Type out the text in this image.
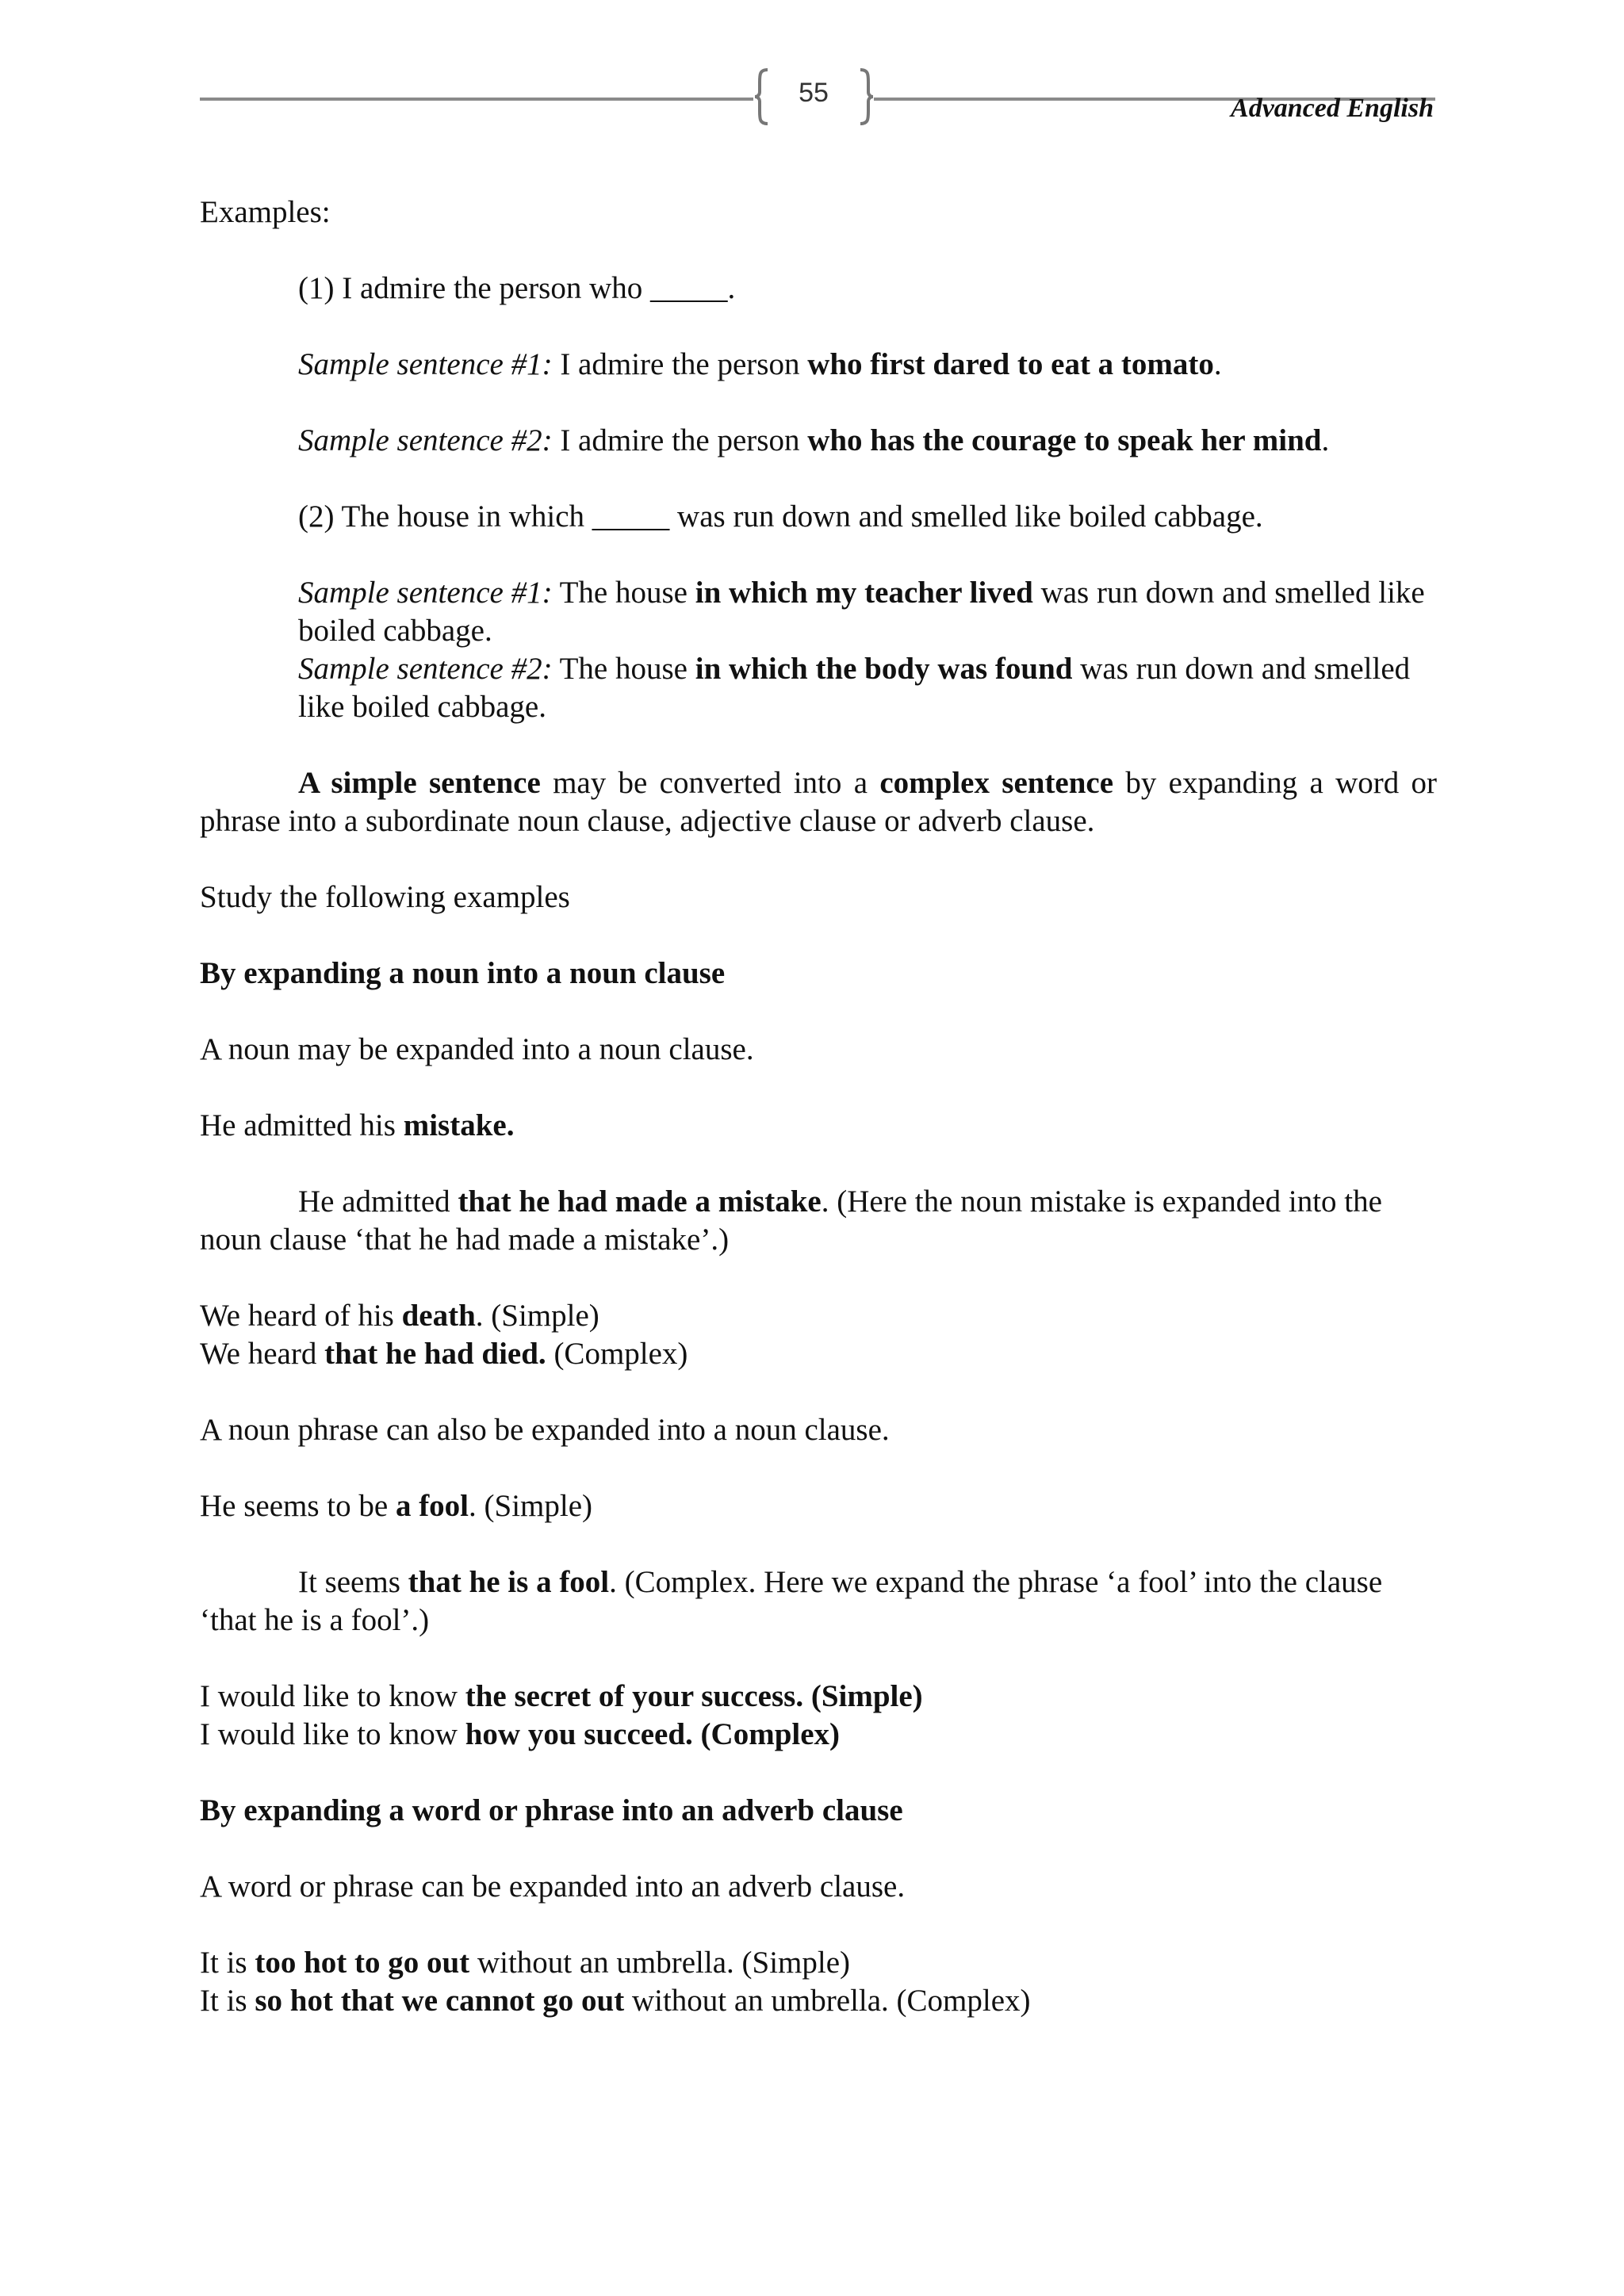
55
Advanced English

Examples:

(1) I admire the person who _____.

Sample sentence #1: I admire the person who first dared to eat a tomato.

Sample sentence #2: I admire the person who has the courage to speak her mind.

(2) The house in which _____ was run down and smelled like boiled cabbage.

Sample sentence #1: The house in which my teacher lived was run down and smelled like boiled cabbage.

Sample sentence #2: The house in which the body was found was run down and smelled like boiled cabbage.

A simple sentence may be converted into a complex sentence by expanding a word or phrase into a subordinate noun clause, adjective clause or adverb clause.

Study the following examples

By expanding a noun into a noun clause

A noun may be expanded into a noun clause.

He admitted his mistake.

He admitted that he had made a mistake. (Here the noun mistake is expanded into the noun clause ‘that he had made a mistake’.)

We heard of his death. (Simple)

We heard that he had died. (Complex)

A noun phrase can also be expanded into a noun clause.

He seems to be a fool. (Simple)

It seems that he is a fool. (Complex. Here we expand the phrase ‘a fool’ into the clause ‘that he is a fool’.)

I would like to know the secret of your success. (Simple)

I would like to know how you succeed. (Complex)

By expanding a word or phrase into an adverb clause

A word or phrase can be expanded into an adverb clause.

It is too hot to go out without an umbrella. (Simple)

It is so hot that we cannot go out without an umbrella. (Complex)
